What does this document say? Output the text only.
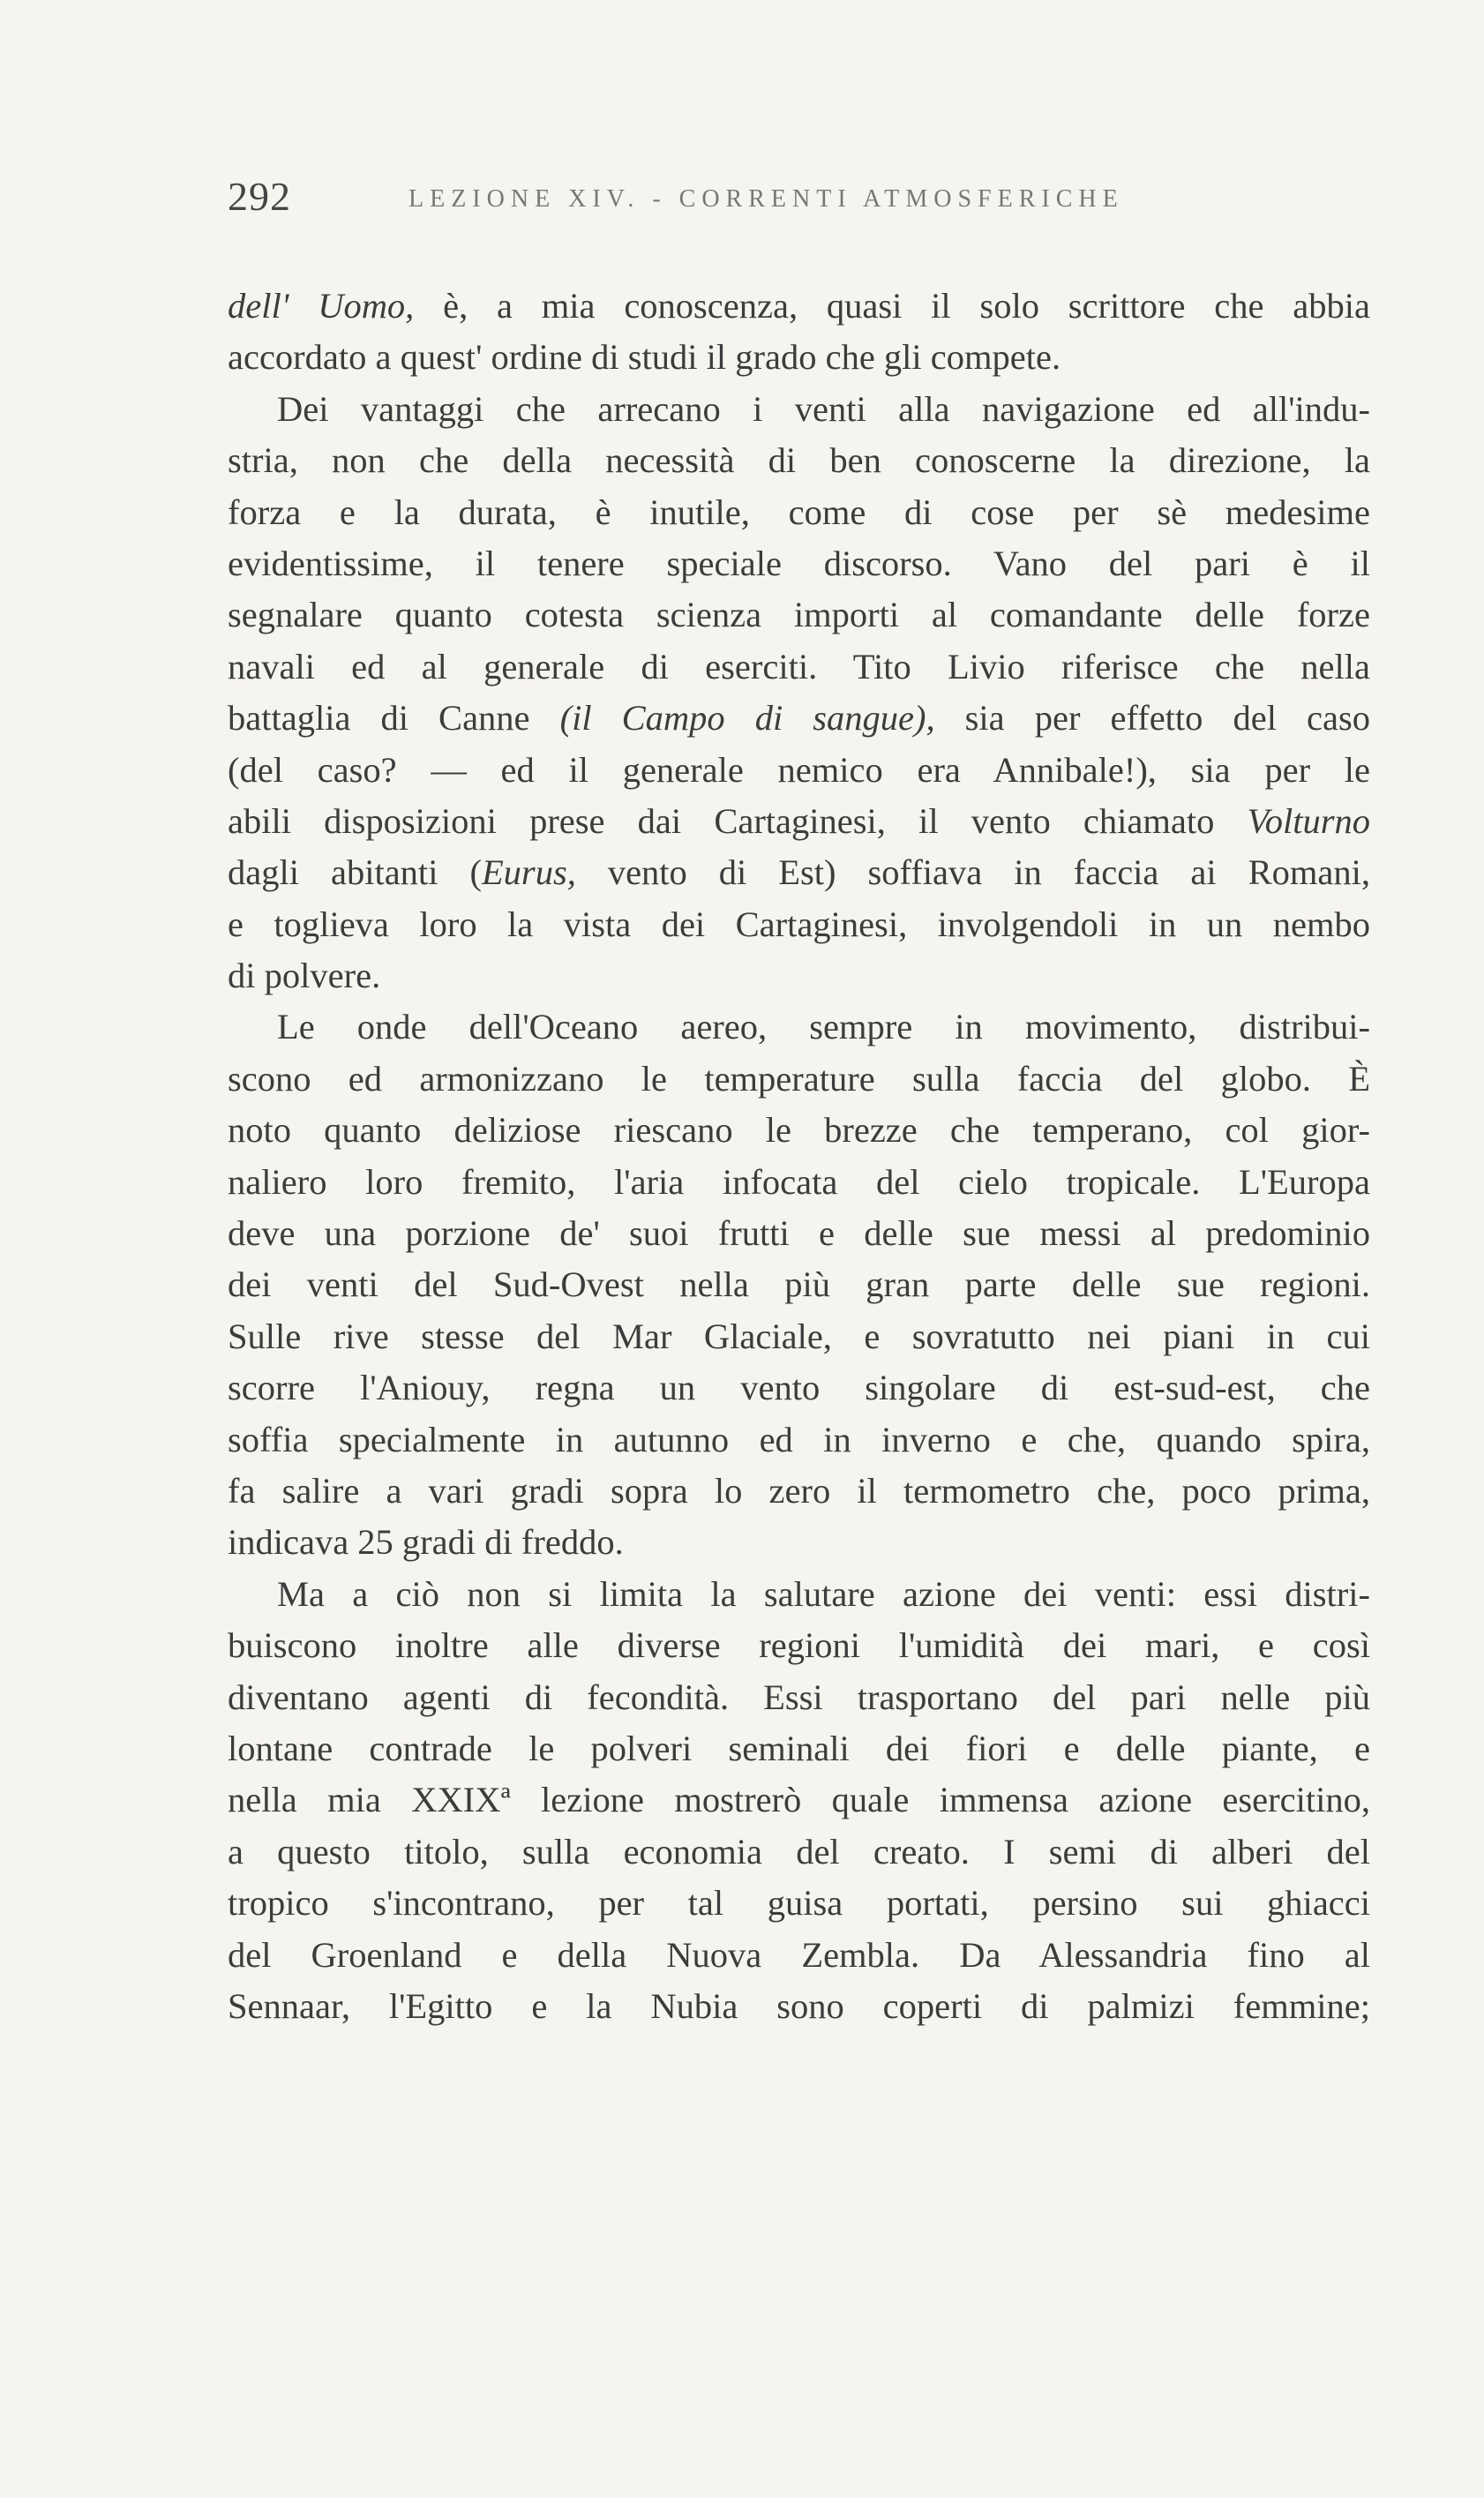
292	LEZIONE XIV. - CORRENTI ATMOSFERICHE
dell' Uomo, è, a mia conoscenza, quasi il solo scrittore che abbia
accordato a quest' ordine di studi il grado che gli compete.
Dei vantaggi che arrecano i venti alla navigazione ed all'indu-
stria, non che della necessità di ben conoscerne la direzione, la
forza e la durata, è inutile, come di cose per sè medesime
evidentissime, il tenere speciale discorso. Vano del pari è il
segnalare quanto cotesta scienza importi al comandante delle forze
navali ed al generale di eserciti. Tito Livio riferisce che nella
battaglia di Canne (il Campo di sangue), sia per effetto del caso
(del caso? — ed il generale nemico era Annibale!), sia per le
abili disposizioni prese dai Cartaginesi, il vento chiamato Volturno
dagli abitanti (Eurus, vento di Est) soffiava in faccia ai Romani,
e toglieva loro la vista dei Cartaginesi, involgendoli in un nembo
di polvere.
Le onde dell'Oceano aereo, sempre in movimento, distribui-
scono ed armonizzano le temperature sulla faccia del globo. È
noto quanto deliziose riescano le brezze che temperano, col gior-
naliero loro fremito, l'aria infocata del cielo tropicale. L'Europa
deve una porzione de' suoi frutti e delle sue messi al predominio
dei venti del Sud-Ovest nella più gran parte delle sue regioni.
Sulle rive stesse del Mar Glaciale, e sovratutto nei piani in cui
scorre l'Aniouy, regna un vento singolare di est-sud-est, che
soffia specialmente in autunno ed in inverno e che, quando spira,
fa salire a vari gradi sopra lo zero il termometro che, poco prima,
indicava 25 gradi di freddo.
Ma a ciò non si limita la salutare azione dei venti: essi distri-
buiscono inoltre alle diverse regioni l'umidità dei mari, e così
diventano agenti di fecondità. Essi trasportano del pari nelle più
lontane contrade le polveri seminali dei fiori e delle piante, e
nella mia XXIXª lezione mostrerò quale immensa azione esercitino,
a questo titolo, sulla economia del creato. I semi di alberi del
tropico s'incontrano, per tal guisa portati, persino sui ghiacci
del Groenland e della Nuova Zembla. Da Alessandria fino al
Sennaar, l'Egitto e la Nubia sono coperti di palmizi femmine;
